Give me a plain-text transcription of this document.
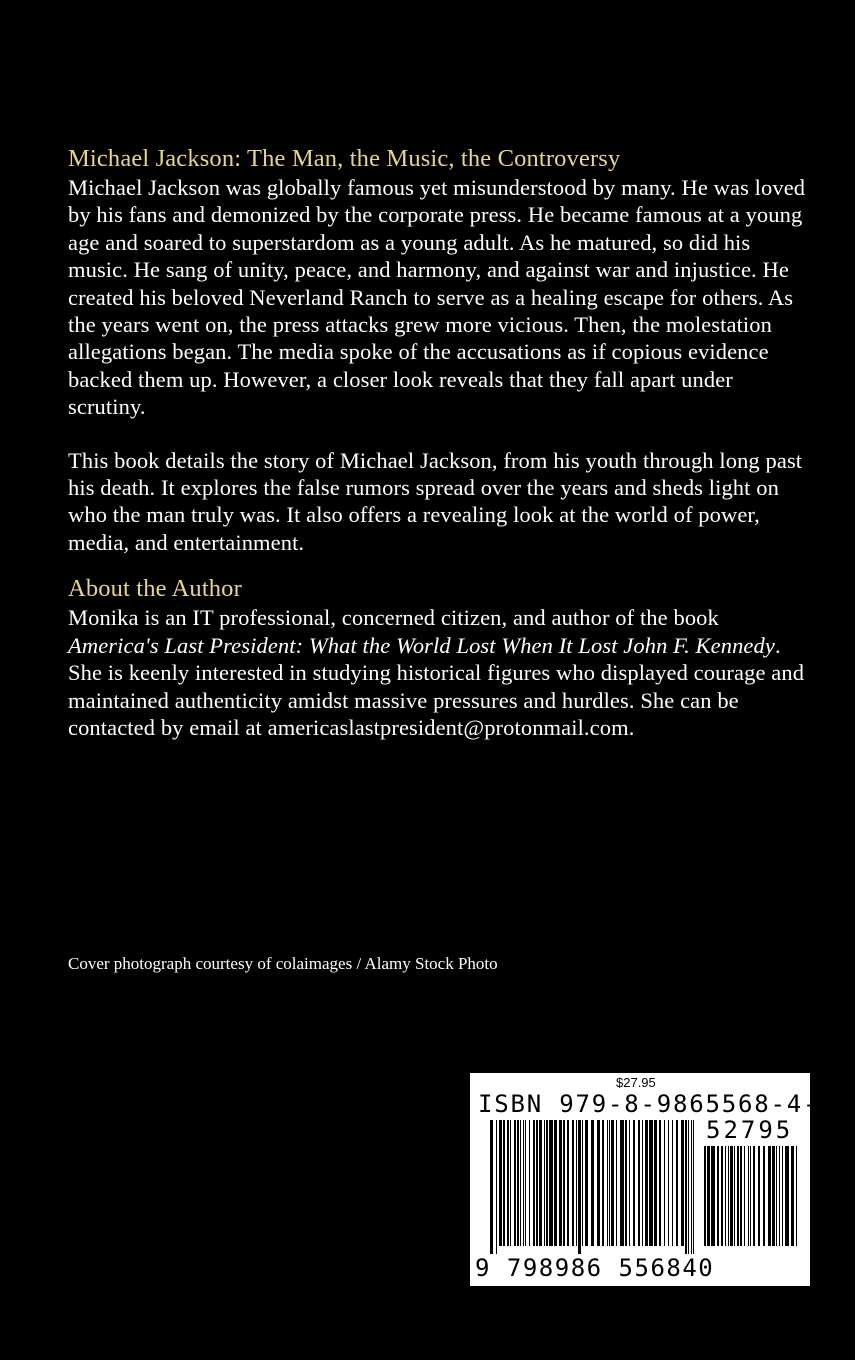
Michael Jackson: The Man, the Music, the Controversy

Michael Jackson was globally famous yet misunderstood by many. He was loved by his fans and demonized by the corporate press. He became famous at a young age and soared to superstardom as a young adult. As he matured, so did his music. He sang of unity, peace, and harmony, and against war and injustice. He created his beloved Neverland Ranch to serve as a healing escape for others. As the years went on, the press attacks grew more vicious. Then, the molestation allegations began. The media spoke of the accusations as if copious evidence backed them up. However, a closer look reveals that they fall apart under scrutiny.

This book details the story of Michael Jackson, from his youth through long past his death. It explores the false rumors spread over the years and sheds light on who the man truly was. It also offers a revealing look at the world of power, media, and entertainment.

About the Author

Monika is an IT professional, concerned citizen, and author of the book America's Last President: What the World Lost When It Lost John F. Kennedy. She is keenly interested in studying historical figures who displayed courage and maintained authenticity amidst massive pressures and hurdles. She can be contacted by email at americaslastpresident@protonmail.com.

Cover photograph courtesy of colaimages / Alamy Stock Photo
$27.95
ISBN 979-8-9865568-4-0
52795
9 798986 556840
